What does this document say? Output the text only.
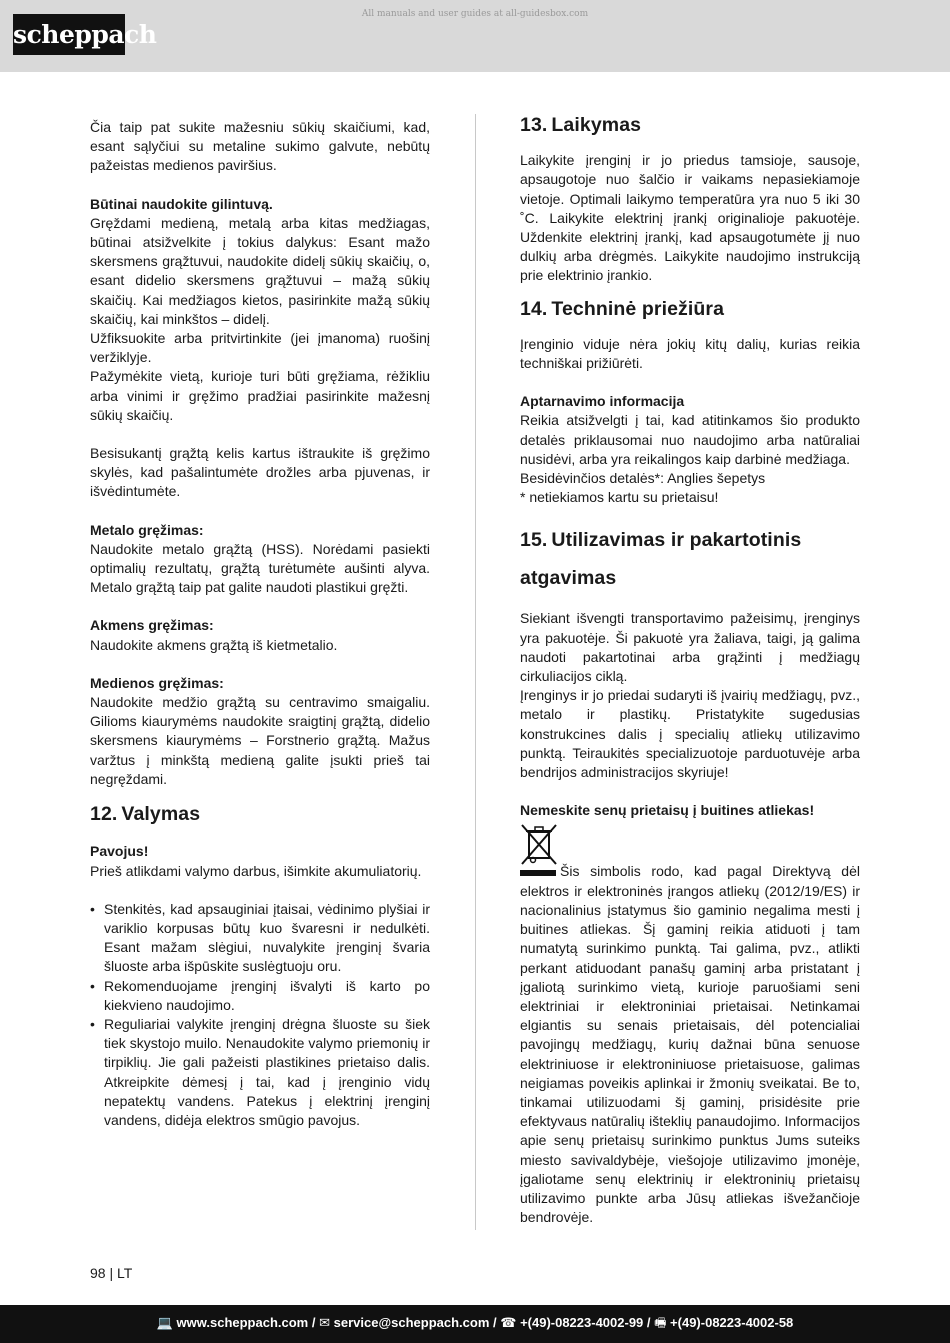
scheppach
All manuals and user guides at all-guidesbox.com

Čia taip pat sukite mažesniu sūkių skaičiumi, kad, esant sąlyčiui su metaline sukimo galvute, nebūtų pažeistas medienos paviršius.

Būtinai naudokite gilintuvą.

Gręždami medieną, metalą arba kitas medžiagas, būtinai atsižvelkite į tokius dalykus: Esant mažo skersmens grąžtuvui, naudokite didelį sūkių skaičių, o, esant dideliо skersmens grąžtuvui – mažą sūkių skaičių. Kai medžiagos kietos, pasirinkite mažą sūkių skaičių, kai minkštos – didelį.

Užfiksuokite arba pritvirtinkite (jei įmanoma) ruošinį veržiklyje.

Pažymėkite vietą, kurioje turi būti gręžiama, rėžikliu arba vinimi ir gręžimo pradžiai pasirinkite mažesnį sūkių skaičių.

Besisukantį grąžtą kelis kartus ištraukite iš gręžimo skylės, kad pašalintumėte drožles arba pjuvenas, ir išvėdintumėte.

Metalo gręžimas:

Naudokite metalo grąžtą (HSS). Norėdami pasiekti optimalių rezultatų, grąžtą turėtumėte aušinti alyva. Metalo grąžtą taip pat galite naudoti plastikui gręžti.

Akmens gręžimas:

Naudokite akmens grąžtą iš kietmetalio.

Medienos gręžimas:

Naudokite medžio grąžtą su centravimo smaigaliu. Gilioms kiaurymėms naudokite sraigtinį grąžtą, didelio skersmens kiaurymėms – Forstnerio grąžtą. Mažus varžtus į minkštą medieną galite įsukti prieš tai negręždami.

12. Valymas

Pavojus!

Prieš atlikdami valymo darbus, išimkite akumuliatorių.

• Stenkitės, kad apsauginiai įtaisai, vėdinimo plyšiai ir variklio korpusas būtų kuo švaresni ir nedulkėti. Esant mažam slėgiui, nuvalykite įrenginį švaria šluoste arba išpūskite suslėgtuoju oru.
• Rekomenduojame įrenginį išvalyti iš karto po kiekvieno naudojimo.
• Reguliariai valykite įrenginį drėgna šluoste su šiek tiek skystojo muilo. Nenaudokite valymo priemonių ir tirpiklių. Jie gali pažeisti plastikines prietaiso dalis. Atkreipkite dėmesį į tai, kad į įrenginio vidų nepatektų vandens. Patekus į elektrinį įrenginį vandens, didėja elektros smūgio pavojus.
13. Laikymas

Laikykite įrenginį ir jo priedus tamsioje, sausoje, apsaugotoje nuo šalčio ir vaikams nepasiekiamoje vietoje. Optimali laikymo temperatūra yra nuo 5 iki 30 ˚C. Laikykite elektrinį įrankį originalioje pakuotėje. Uždenkite elektrinį įrankį, kad apsaugotumėte jį nuo dulkių arba drėgmės. Laikykite naudojimo instrukciją prie elektrinio įrankio.

14. Techninė priežiūra

Įrenginio viduje nėra jokių kitų dalių, kurias reikia techniškai prižiūrėti.

Aptarnavimo informacija

Reikia atsižvelgti į tai, kad atitinkamos šio produkto detalės priklausomai nuo naudojimo arba natūraliai nusidėvi, arba yra reikalingos kaip darbinė medžiaga.

Besidėvinčios detalės*: Anglies šepetys

* netiekiamos kartu su prietaisu!

15. Utilizavimas ir pakartotinis atgavimas

Siekiant išvengti transportavimo pažeisimų, įrenginys yra pakuotėje. Ši pakuotė yra žaliava, taigi, ją galima naudoti pakartotinai arba grąžinti į medžiagų cirkuliacijos ciklą.

Įrenginys ir jo priedai sudaryti iš įvairių medžiagų, pvz., metalo ir plastikų. Pristatykite sugedusias konstrukcines dalis į specialių atliekų utilizavimo punktą. Teiraukitės specializuotoje parduotuvėje arba bendrijos administracijos skyriuje!

Nemeskite senų prietaisų į buitines atliekas!

Šis simbolis rodo, kad pagal Direktyvą dėl elektros ir elektroninės įrangos atliekų (2012/19/ES) ir nacionalinius įstatymus šio gaminio negalima mesti į buitines atliekas. Šį gaminį reikia atiduoti į tam numatytą surinkimo punktą. Tai galima, pvz., atlikti perkant atiduodant panašų gaminį arba pristatant į įgaliotą surinkimo vietą, kurioje paruošiami seni elektriniai ir elektroniniai prietaisai. Netinkamai elgiantis su senais prietaisais, dėl potencialiai pavojingų medžiagų, kurių dažnai būna senuose elektriniuose ir elektroniniuose prietaisuose, galimas neigiamas poveikis aplinkai ir žmonių sveikatai. Be to, tinkamai utilizuodami šį gaminį, prisidėsite prie efektyvaus natūralių išteklių panaudojimo. Informacijos apie senų prietaisų surinkimo punktus Jums suteiks miesto savivaldybėje, viešojoje utilizavimo įmonėje, įgaliotame senų elektrinių ir elektroninių prietaisų utilizavimo punkte arba Jūsų atliekas išvežančioje bendrovėje.

98 | LT
💻 www.scheppach.com / ✉ service@scheppach.com / ☎ +(49)-08223-4002-99 / 🖷 +(49)-08223-4002-58
